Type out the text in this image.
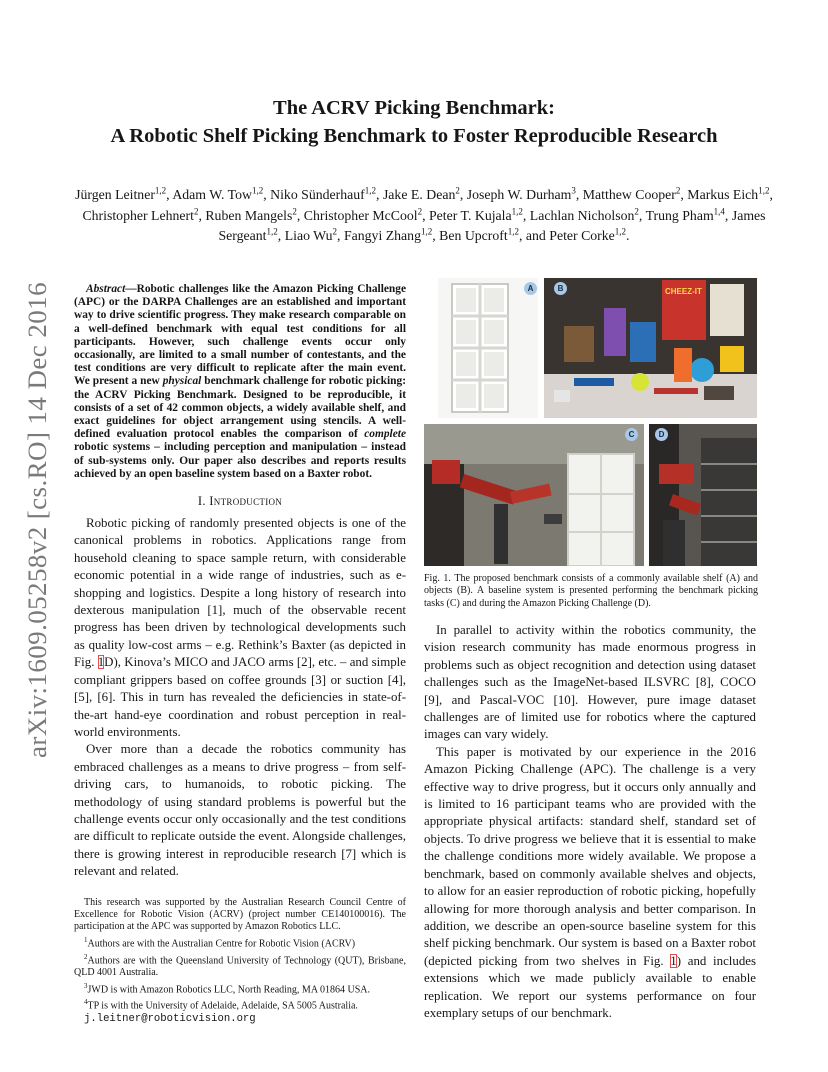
arXiv:1609.05258v2 [cs.RO] 14 Dec 2016
The ACRV Picking Benchmark:
A Robotic Shelf Picking Benchmark to Foster Reproducible Research

Jürgen Leitner$^{1,2}$, Adam W. Tow$^{1,2}$, Niko Sünderhauf$^{1,2}$, Jake E. Dean$^2$, Joseph W. Durham$^3$, Matthew Cooper$^2$, Markus Eich$^{1,2}$, Christopher Lehnert$^2$, Ruben Mangels$^2$, Christopher McCool$^2$, Peter T. Kujala$^{1,2}$, Lachlan Nicholson$^2$, Trung Pham$^{1,4}$, James Sergeant$^{1,2}$, Liao Wu$^2$, Fangyi Zhang$^{1,2}$, Ben Upcroft$^{1,2}$, and Peter Corke$^{1,2}$.

Abstract—Robotic challenges like the Amazon Picking Challenge (APC) or the DARPA Challenges are an established and important way to drive scientific progress. They make research comparable on a well-defined benchmark with equal test conditions for all participants. However, such challenge events occur only occasionally, are limited to a small number of contestants, and the test conditions are very difficult to replicate after the main event. We present a new physical benchmark challenge for robotic picking: the ACRV Picking Benchmark. Designed to be reproducible, it consists of a set of 42 common objects, a widely available shelf, and exact guidelines for object arrangement using stencils. A well-defined evaluation protocol enables the comparison of complete robotic systems – including perception and manipulation – instead of sub-systems only. Our paper also describes and reports results achieved by an open baseline system based on a Baxter robot.

I. Introduction

Robotic picking of randomly presented objects is one of the canonical problems in robotics. Applications range from household cleaning to space sample return, with considerable economic potential in a wide range of industries, such as e-shopping and logistics. Despite a long history of research into dexterous manipulation [1], much of the observable recent progress has been driven by technological developments such as quality low-cost arms – e.g. Rethink’s Baxter (as depicted in Fig. 1D), Kinova’s MICO and JACO arms [2], etc. – and simple compliant grippers based on coffee grounds [3] or suction [4], [5], [6]. This in turn has revealed the deficiencies in state-of-the-art hand-eye coordination and robust perception in real-world environments.

Over more than a decade the robotics community has embraced challenges as a means to drive progress – from self-driving cars, to humanoids, to robotic picking. The methodology of using standard problems is powerful but the challenge events occur only occasionally and the test conditions are difficult to replicate outside the event. Alongside challenges, there is growing interest in reproducible research [7] which is relevant and related.

This research was supported by the Australian Research Council Centre of Excellence for Robotic Vision (ACRV) (project number CE140100016). The participation at the APC was supported by Amazon Robotics LLC.

$^1$Authors are with the Australian Centre for Robotic Vision (ACRV)

$^2$Authors are with the Queensland University of Technology (QUT), Brisbane, QLD 4001 Australia.

$^3$JWD is with Amazon Robotics LLC, North Reading, MA 01864 USA.

$^4$TP is with the University of Adelaide, Adelaide, SA 5005 Australia.

j.leitner@roboticvision.org
A	CHEEZ-IT
B
C	D

Fig. 1. The proposed benchmark consists of a commonly available shelf (A) and objects (B). A baseline system is presented performing the benchmark picking tasks (C) and during the Amazon Picking Challenge (D).

In parallel to activity within the robotics community, the vision research community has made enormous progress in problems such as object recognition and detection using dataset challenges such as the ImageNet-based ILSVRC [8], COCO [9], and Pascal-VOC [10]. However, pure image dataset challenges are of limited use for robotics where the captured images can vary widely.

This paper is motivated by our experience in the 2016 Amazon Picking Challenge (APC). The challenge is a very effective way to drive progress, but it occurs only annually and is limited to 16 participant teams who are provided with the appropriate physical artifacts: standard shelf, standard set of objects. To drive progress we believe that it is essential to make the challenge conditions more widely available. We propose a benchmark, based on commonly available shelves and objects, to allow for an easier reproduction of robotic picking, hopefully allowing for more thorough analysis and better comparison. In addition, we describe an open-source baseline system for this shelf picking benchmark. Our system is based on a Baxter robot (depicted picking from two shelves in Fig. 1) and includes extensions which we made publicly available to enable replication. We report our systems performance on four exemplary setups of our benchmark.
